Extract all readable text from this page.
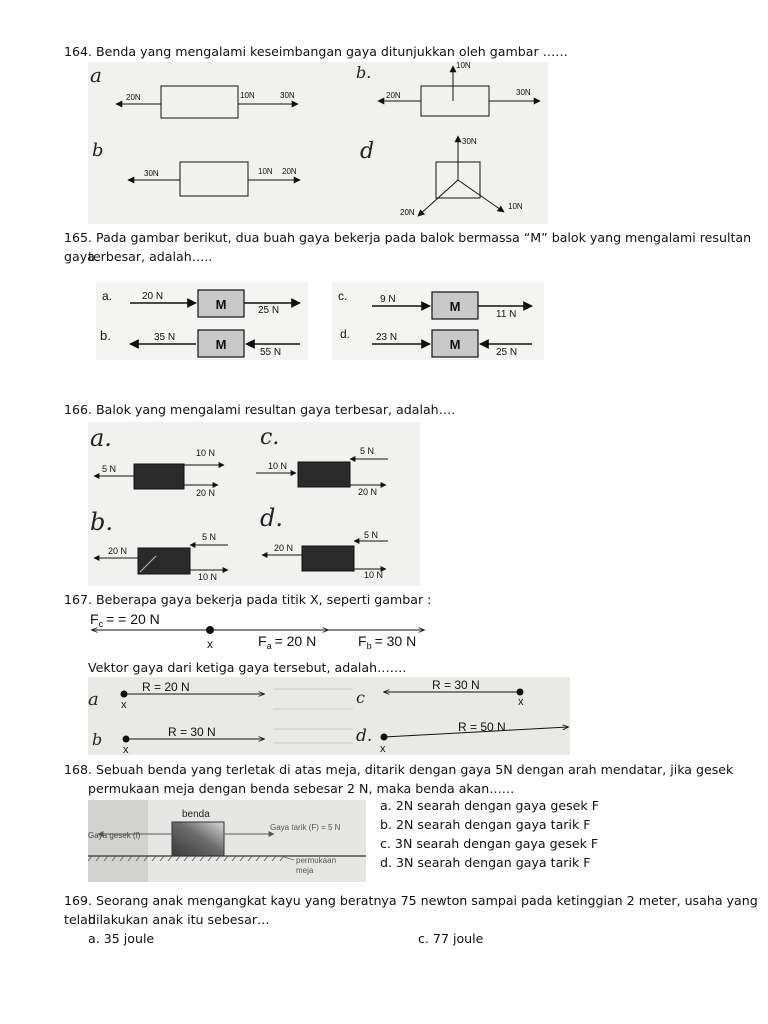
164. Benda yang mengalami keseimbangan gaya ditunjukkan oleh gambar ……
a
20N	10N	30N
b.	10N
20N	30N
b
30N	10N 20N
d	30N
20N
10N
165. Pada gambar berikut, dua buah gaya bekerja pada balok bermassa “M” balok yang mengalami resultan gaya
terbesar, adalah…..
a.
M
20 N
25 N
b.
M
35 N
55 N
c.
M
9 N
11 N
d.
M
23 N
25 N
166. Balok yang mengalami resultan gaya terbesar, adalah….
a.
10 N
5 N
20 N
c.
5 N
10 N
20 N
b.
5 N
20 N
10 N
d.
5 N
20 N
10 N
167. Beberapa gaya bekerja pada titik X, seperti gambar :
$F_c$ = = 20 N
x	$F_a = 20$ N	$F_b = 30$ N
Vektor gaya dari ketiga gaya tersebut, adalah…….
a
R = 20 N
x
b	R = 30 N
x
c
R = 30 N
x
d.	R = 50 N
x
168. Sebuah benda yang terletak di atas meja, ditarik dengan gaya 5N dengan arah mendatar, jika gesek
permukaan meja dengan benda sebesar 2 N, maka benda akan……
benda
Gaya gesek (f)
Gaya tarik (F) = 5 N
permukaan
meja
a. 2N searah dengan gaya gesek F
b. 2N searah dengan gaya tarik F
c. 3N searah dengan gaya gesek F
d. 3N searah dengan gaya tarik F
169. Seorang anak mengangkat kayu yang beratnya 75 newton sampai pada ketinggian 2 meter, usaha yang telah
dilakukan anak itu sebesar…
a. 35 joule	c. 77 joule
